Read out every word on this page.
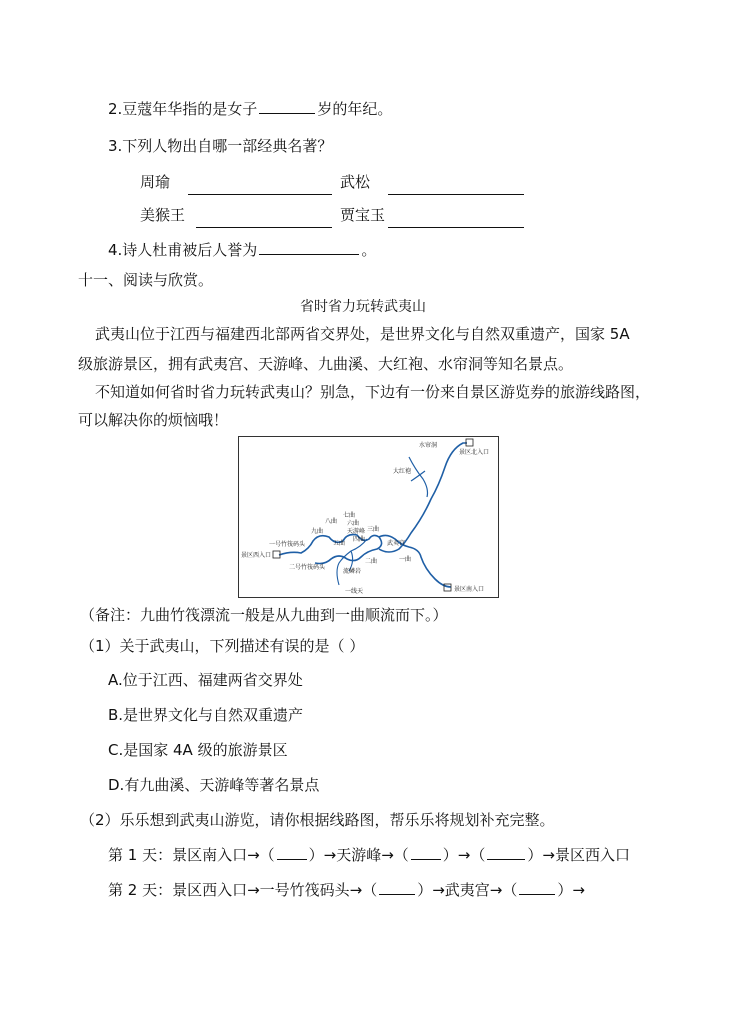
2.豆蔻年华指的是女子	岁的年纪。
3.下列人物出自哪一部经典名著？
周瑜	武松
美猴王	贾宝玉
4.诗人杜甫被后人誉为	。
十一、阅读与欣赏。
省时省力玩转武夷山
武夷山位于江西与福建西北部两省交界处，是世界文化与自然双重遗产，国家 5A
级旅游景区，拥有武夷宫、天游峰、九曲溪、大红袍、水帘洞等知名景点。
不知道如何省时省力玩转武夷山？别急，下边有一份来自景区游览券的旅游线路图，
可以解决你的烦恼哦！
水帘洞
景区北入口
大红袍
六曲
七曲
八曲
九曲	天游峰 三曲
五曲
四曲
武夷宫
一曲
二曲
一号竹筏码头
二号竹筏码头
景区西入口
流鳞岩
一线天	景区南入口
（备注：九曲竹筏漂流一般是从九曲到一曲顺流而下。）
（1）关于武夷山，下列描述有误的是（ ）
A.位于江西、福建两省交界处
B.是世界文化与自然双重遗产
C.是国家 4A 级的旅游景区
D.有九曲溪、天游峰等著名景点
（2）乐乐想到武夷山游览，请你根据线路图，帮乐乐将规划补充完整。
第 1 天：景区南入口→（ ）→天游峰→（ ）→（	）→景区西入口
第 2 天：景区西入口→一号竹筏码头→（	）→武夷宫→（	）→
